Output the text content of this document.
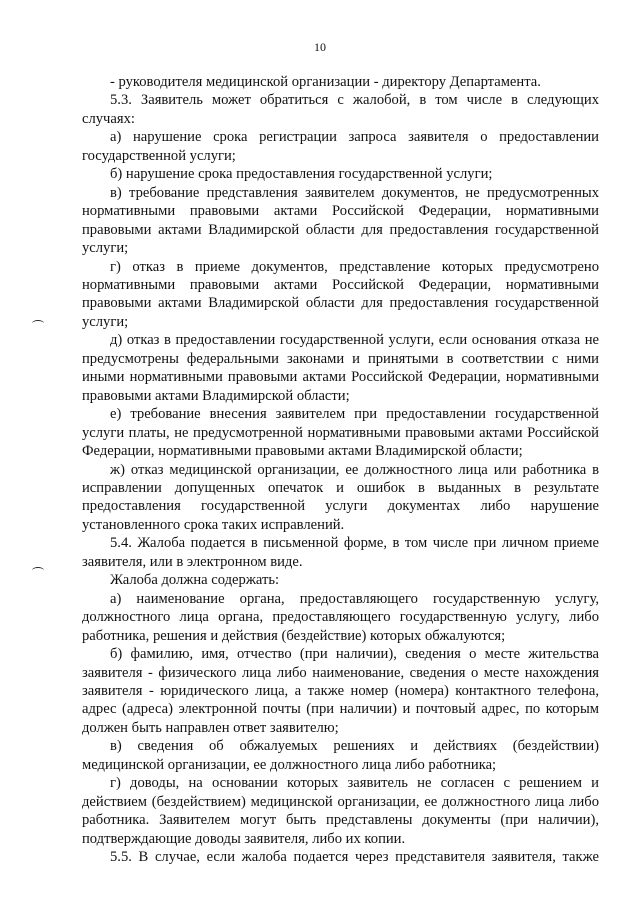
10

- руководителя медицинской организации - директору Департамента.

5.3. Заявитель может обратиться с жалобой, в том числе в следующих случаях:

а) нарушение срока регистрации запроса заявителя о предоставлении государственной услуги;

б) нарушение срока предоставления государственной услуги;

в) требование представления заявителем документов, не предусмотренных нормативными правовыми актами Российской Федерации, нормативными правовыми актами Владимирской области для предоставления государственной услуги;

г) отказ в приеме документов, представление которых предусмотрено нормативными правовыми актами Российской Федерации, нормативными правовыми актами Владимирской области для предоставления государственной услуги;

д) отказ в предоставлении государственной услуги, если основания отказа не предусмотрены федеральными законами и принятыми в соответствии с ними иными нормативными правовыми актами Российской Федерации, нормативными правовыми актами Владимирской области;

е) требование внесения заявителем при предоставлении государственной услуги платы, не предусмотренной нормативными правовыми актами Российской Федерации, нормативными правовыми актами Владимирской области;

ж) отказ медицинской организации, ее должностного лица или работника в исправлении допущенных опечаток и ошибок в выданных в результате предоставления государственной услуги документах либо нарушение установленного срока таких исправлений.

5.4. Жалоба подается в письменной форме, в том числе при личном приеме заявителя, или в электронном виде.

Жалоба должна содержать:

а) наименование органа, предоставляющего государственную услугу, должностного лица органа, предоставляющего государственную услугу, либо работника, решения и действия (бездействие) которых обжалуются;

б) фамилию, имя, отчество (при наличии), сведения о месте жительства заявителя - физического лица либо наименование, сведения о месте нахождения заявителя - юридического лица, а также номер (номера) контактного телефона, адрес (адреса) электронной почты (при наличии) и почтовый адрес, по которым должен быть направлен ответ заявителю;

в) сведения об обжалуемых решениях и действиях (бездействии) медицинской организации, ее должностного лица либо работника;

г) доводы, на основании которых заявитель не согласен с решением и действием (бездействием) медицинской организации, ее должностного лица либо работника. Заявителем могут быть представлены документы (при наличии), подтверждающие доводы заявителя, либо их копии.

5.5. В случае, если жалоба подается через представителя заявителя, также
